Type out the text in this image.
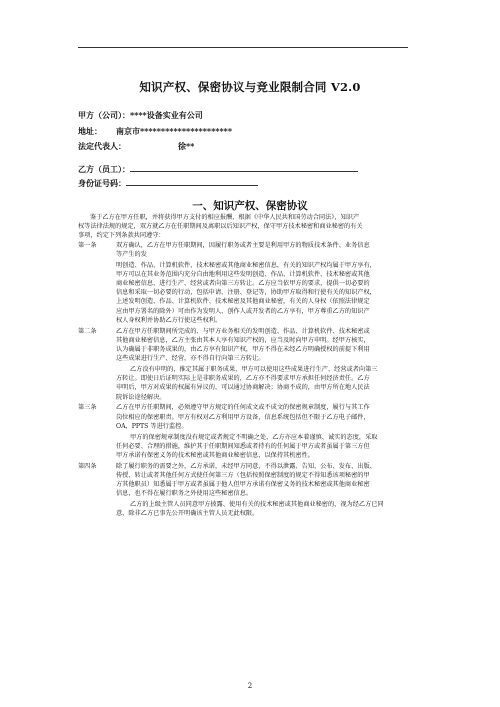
知识产权、保密协议与竞业限制合同 V2.0
甲方（公司）：****设备实业有公司
地址： 南京市**********************
法定代表人：	徐**
乙方（员工）：
身份证号码：
一、知识产权、保密协议
鉴于乙方在甲方任职，并将获得甲方支付的相应报酬，根据《中华人民共和国劳动合同法》，知识产
权等法律法规的规定，双方就乙方在任职期间及离职以后知识产权，保守甲方技术秘密和商业秘密的有关
事项，约定下列条款共同遵守：
第一条	双方确认，乙方在甲方任职期间，因履行职务或者主要是利用甲方的物质技术条件、业务信息
等产生的发
明创造、作品、计算机软件、技术秘密或其他商业秘密信息，有关的知识产权均属于甲方享有，
甲方可以在其业务范围内充分自由地利用这些发明创造、作品、计算机软件、技术秘密或其他
商业秘密信息，进行生产、经营或者向第三方转让。乙方应当依甲方的要求，提供一切必要的
信息和采取一切必要的行动，包括申请、注册、登记等，协助甲方取得和行使有关的知识产权，
上述发明创造、作品、计算机软件、技术秘密及其他商业秘密，有关的人身权（依照法律规定
应由甲方署名的除外）可由作为发明人、创作人或开发者的乙方享有，甲方尊重乙方的知识产
权人身权利并协助乙方行使这些权利。
第二条	乙方在甲方任职期间所完成的、与甲方业务相关的发明创造、作品、计算机软件、技术秘密或
其他商业秘密信息，乙方主张由其本人享有知识产权的，应当及时向甲方申明。经甲方核实，
认为确属于非职务成果的，由乙方享有知识产权，甲方不得在未经乙方明确授权的前提下利用
这些成果进行生产、经营，亦不得自行向第三方转让。
乙方没有申明的，推定其属于职务成果，甲方可以使用这些成果进行生产、经营或者向第三
方转让。即使日后证明实际上是非职务成果的，乙方亦不得要求甲方承担任何经济责任。乙方
申明后，甲方对成果的权属有异议的，可以通过协商解决；协商不成的，由甲方所在地人民法
院诉讼途径解决。
第三条	乙方在甲方任职期间，必须遵守甲方规定的任何成文或不成文的保密规章制度，履行与其工作
岗位相应的保密职责。甲方有权对乙方利用甲方设备，信息系统包括但不限于乙方电子邮件，
OA，PPTS 等进行监控。
甲方的保密规章制度没有规定或者规定不明确之处，乙方亦应本着谨慎、诚实的态度，采取
任何必要、合理的措施，维护其于任职期间知悉或者持有的任何属于甲方或者虽属于第三方但
甲方承诺有保密义务的技术秘密或其他商业秘密信息，以保持其机密性。
第四条	除了履行职务的需要之外，乙方承诺，未经甲方同意，不得以泄露、告知、公布、发布、出版、
传授、转让或者其他任何方式使任何第三方（包括按照保密制度的规定不得知悉该项秘密的甲
方其他职员）知悉属于甲方或者虽属于他人但甲方承诺有保密义务的技术秘密或其他商业秘密
信息，也不得在履行职务之外使用这些秘密信息。
乙方的上级主管人员同意甲方披露、使用有关的技术秘密或其他商业秘密的，视为经乙方已同
意，除非乙方已事先公开明确该主管人员无此权限。
2
